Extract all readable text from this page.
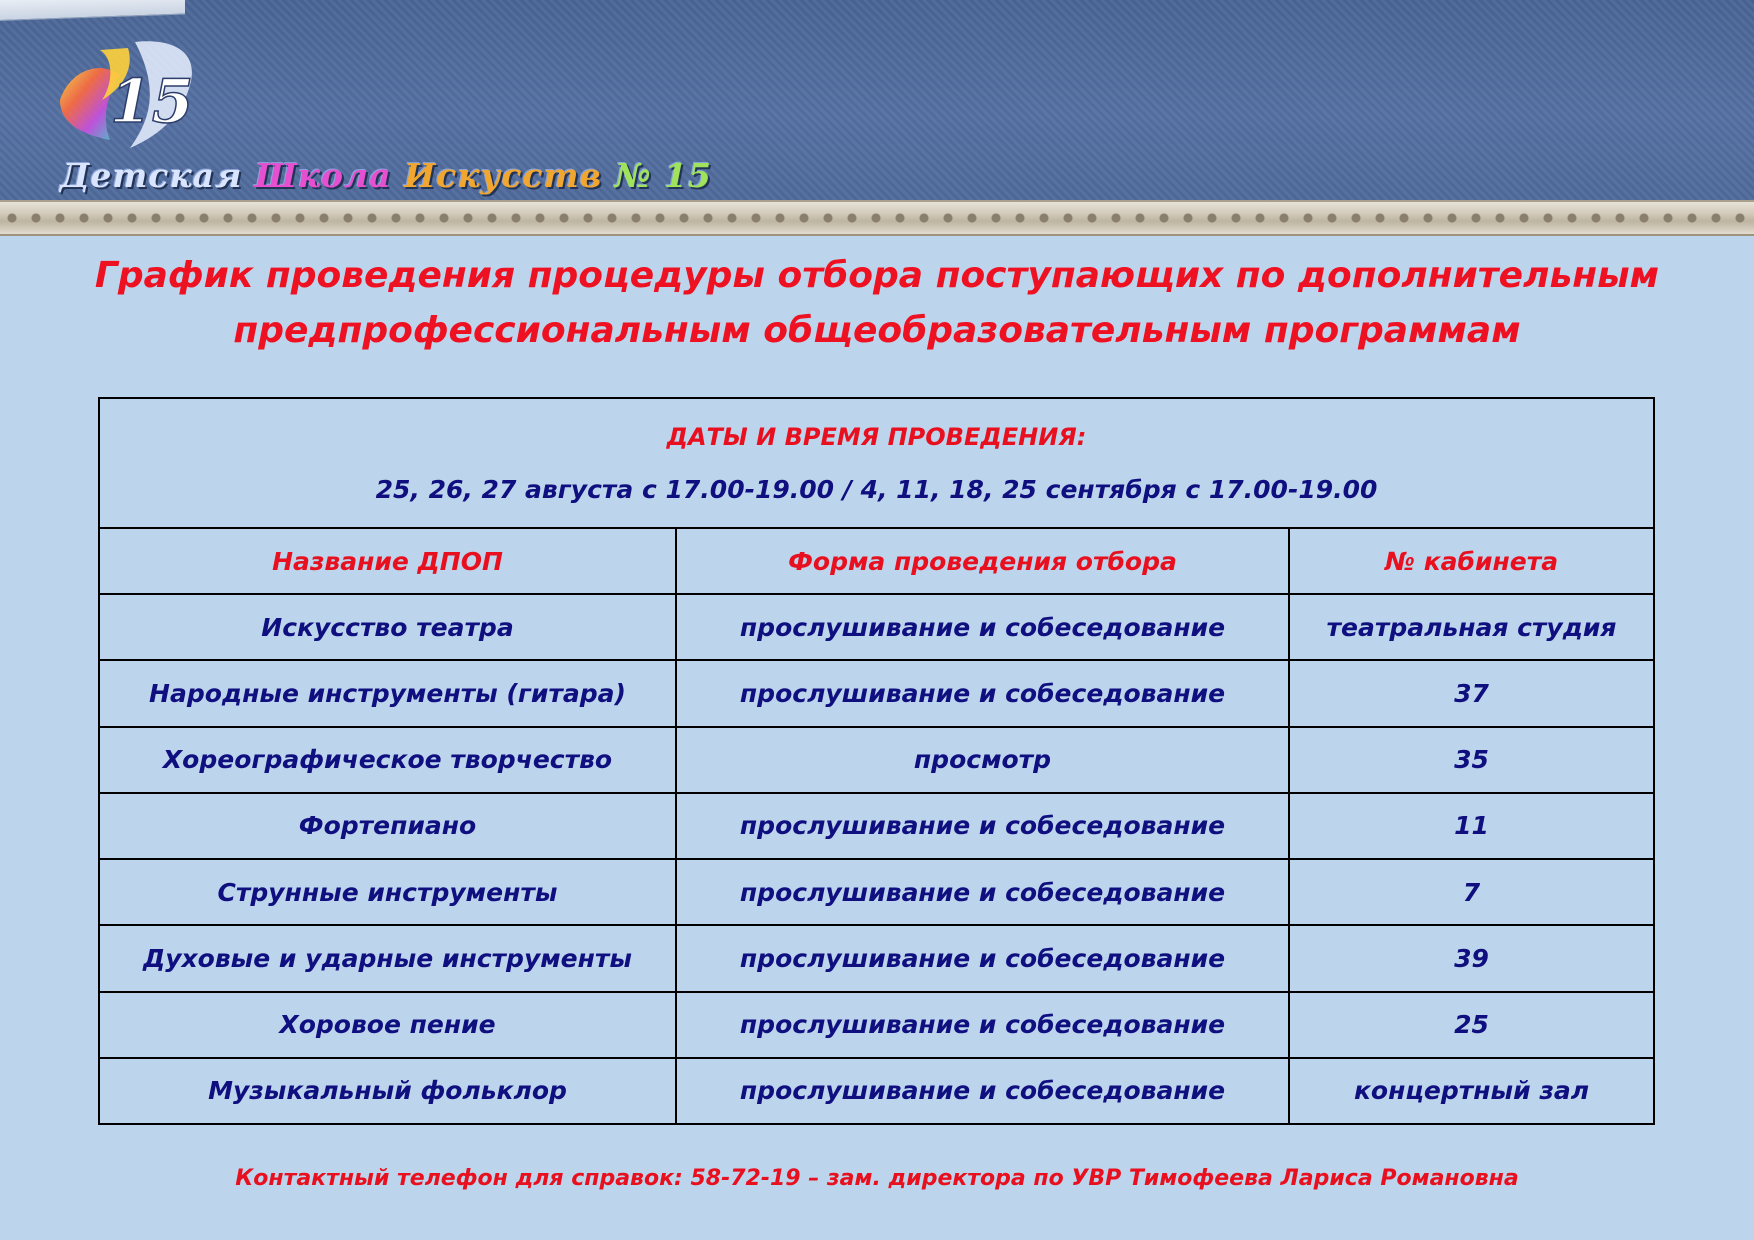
15
Детская Школа Искусств № 15
График проведения процедуры отбора поступающих по дополнительным
предпрофессиональным общеобразовательным программам
ДАТЫ И ВРЕМЯ ПРОВЕДЕНИЯ:
25, 26, 27 августа с 17.00-19.00 / 4, 11, 18, 25 сентября с 17.00-19.00		

Название ДПОП	Форма проведения отбора	№ кабинета
Искусство театра	прослушивание и собеседование	театральная студия
Народные инструменты (гитара)	прослушивание и собеседование	37
Хореографическое творчество	просмотр	35
Фортепиано	прослушивание и собеседование	11
Струнные инструменты	прослушивание и собеседование	7
Духовые и ударные инструменты	прослушивание и собеседование	39
Хоровое пение	прослушивание и собеседование	25
Музыкальный фольклор	прослушивание и собеседование	концертный зал
Контактный телефон для справок: 58-72-19 – зам. директора по УВР Тимофеева Лариса Романовна
